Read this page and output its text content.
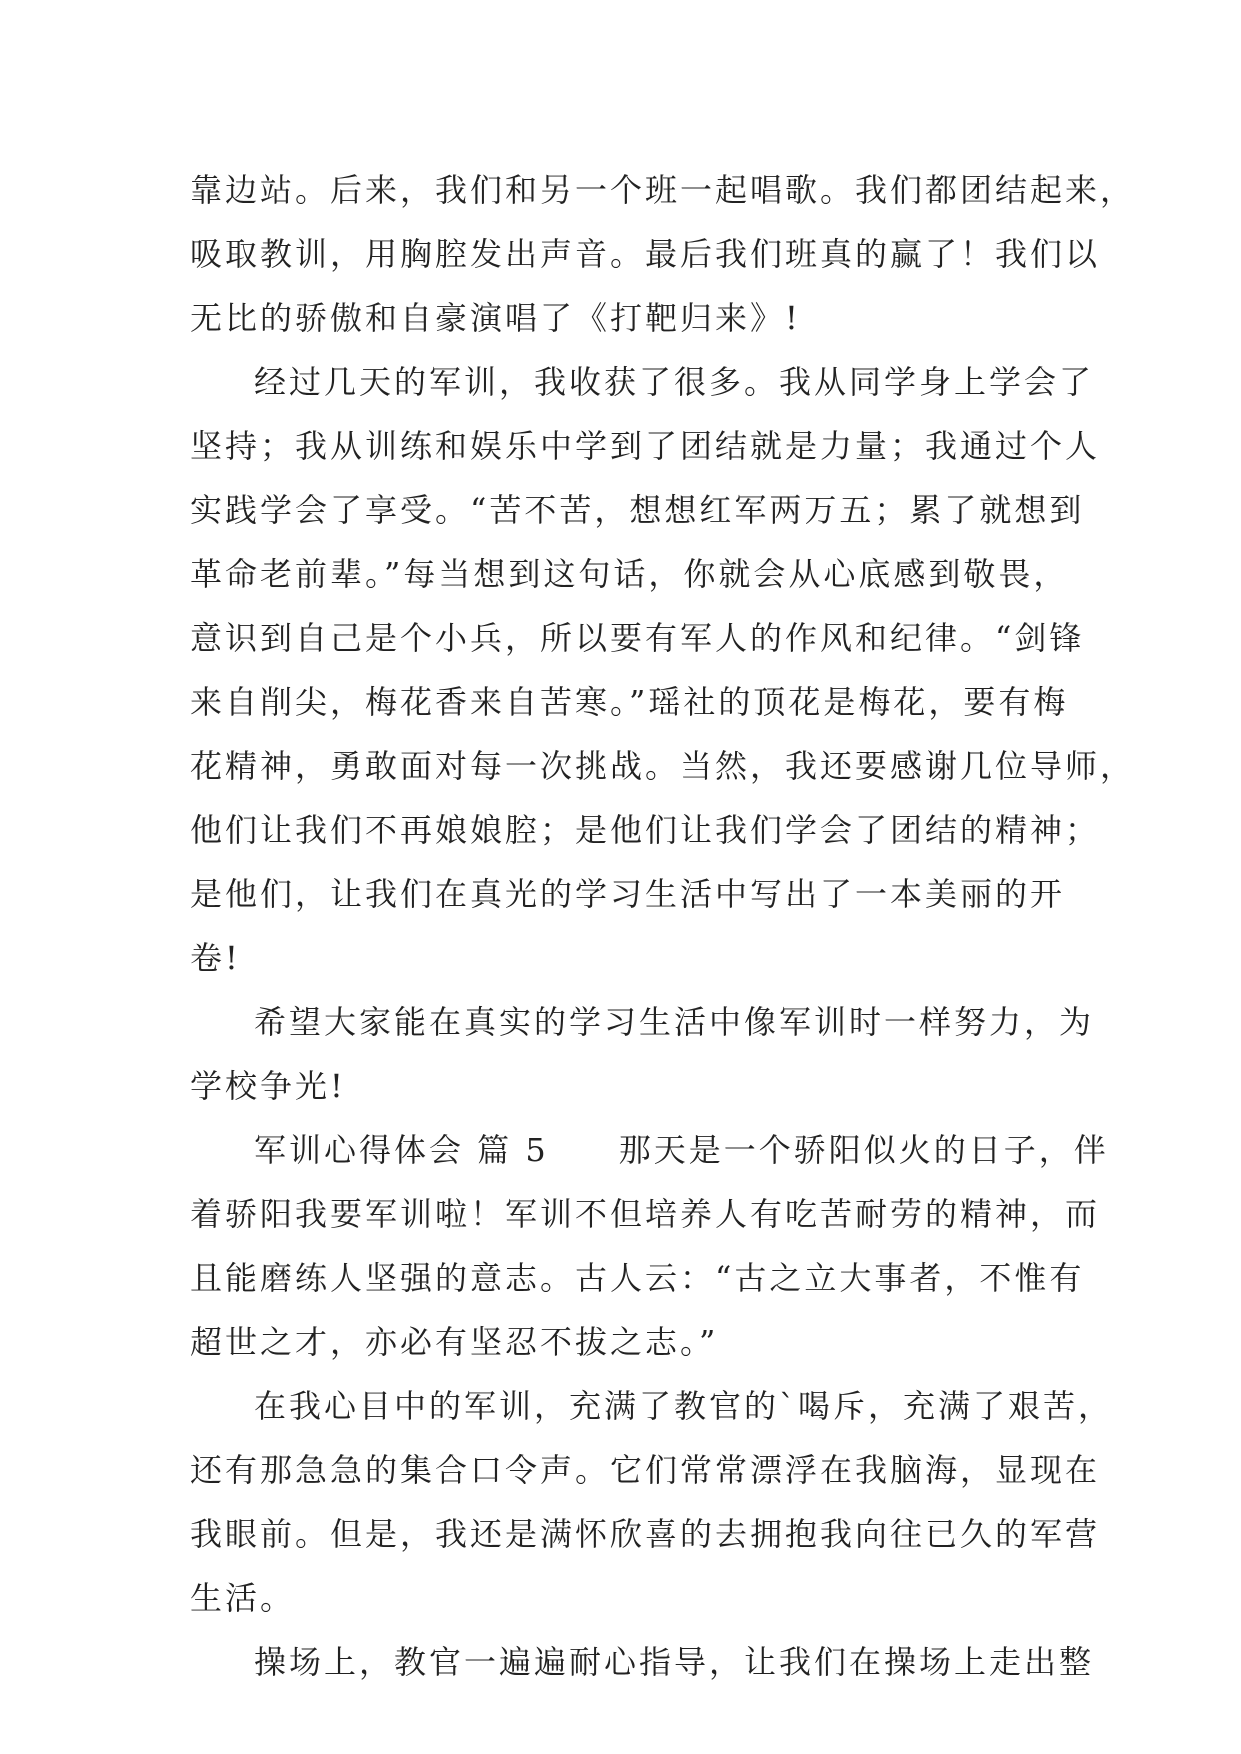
靠边站。后来，我们和另一个班一起唱歌。我们都团结起来，
吸取教训，用胸腔发出声音。最后我们班真的赢了！我们以
无比的骄傲和自豪演唱了《打靶归来》!
经过几天的军训，我收获了很多。我从同学身上学会了
坚持；我从训练和娱乐中学到了团结就是力量；我通过个人
实践学会了享受。“苦不苦，想想红军两万五；累了就想到
革命老前辈。”每当想到这句话，你就会从心底感到敬畏，
意识到自己是个小兵，所以要有军人的作风和纪律。“剑锋
来自削尖，梅花香来自苦寒。”瑶社的顶花是梅花，要有梅
花精神，勇敢面对每一次挑战。当然，我还要感谢几位导师，
他们让我们不再娘娘腔；是他们让我们学会了团结的精神；
是他们，让我们在真光的学习生活中写出了一本美丽的开
卷!
希望大家能在真实的学习生活中像军训时一样努力，为
学校争光!
军训心得体会 篇 5　　那天是一个骄阳似火的日子，伴
着骄阳我要军训啦！军训不但培养人有吃苦耐劳的精神，而
且能磨练人坚强的意志。古人云：“古之立大事者，不惟有
超世之才，亦必有坚忍不拔之志。”
在我心目中的军训，充满了教官的`喝斥，充满了艰苦，
还有那急急的集合口令声。它们常常漂浮在我脑海，显现在
我眼前。但是，我还是满怀欣喜的去拥抱我向往已久的军营
生活。
操场上，教官一遍遍耐心指导，让我们在操场上走出整
